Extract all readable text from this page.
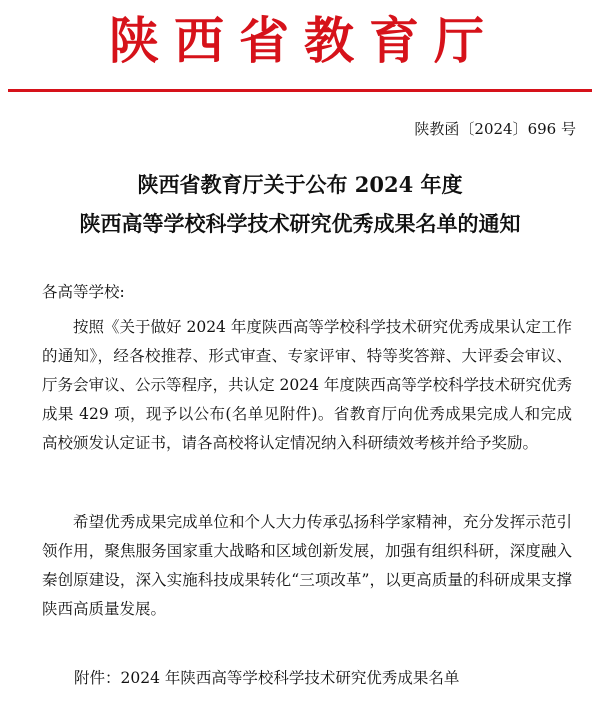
陕西省教育厅
陕教函〔2024〕696 号
陕西省教育厅关于公布 2024 年度
陕西高等学校科学技术研究优秀成果名单的通知
各高等学校:
按照《关于做好 2024 年度陕西高等学校科学技术研究优秀成果认定工作的通知》，经各校推荐、形式审查、专家评审、特等奖答辩、大评委会审议、厅务会审议、公示等程序，共认定 2024 年度陕西高等学校科学技术研究优秀成果 429 项，现予以公布(名单见附件)。省教育厅向优秀成果完成人和完成高校颁发认定证书，请各高校将认定情况纳入科研绩效考核并给予奖励。
希望优秀成果完成单位和个人大力传承弘扬科学家精神，充分发挥示范引领作用，聚焦服务国家重大战略和区域创新发展，加强有组织科研，深度融入秦创原建设，深入实施科技成果转化“三项改革”，以更高质量的科研成果支撑陕西高质量发展。
附件：2024 年陕西高等学校科学技术研究优秀成果名单
